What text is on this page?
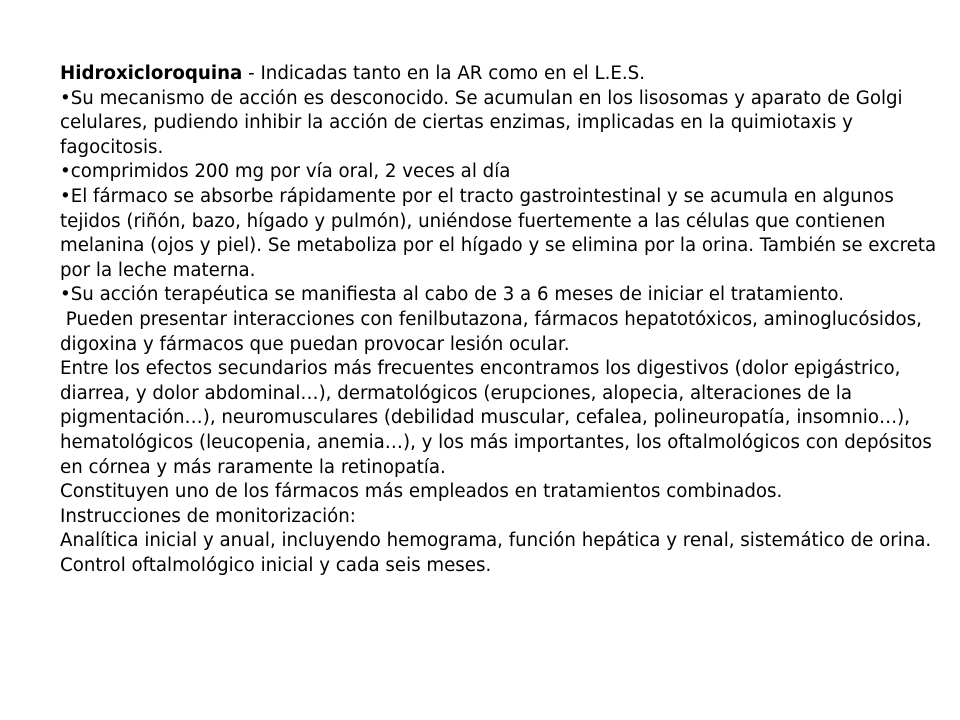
Hidroxicloroquina - Indicadas tanto en la AR como en el L.E.S.

•Su mecanismo de acción es desconocido. Se acumulan en los lisosomas y aparato de Golgi celulares, pudiendo inhibir la acción de ciertas enzimas, implicadas en la quimiotaxis y fagocitosis.

•comprimidos 200 mg por vía oral, 2 veces al día

•El fármaco se absorbe rápidamente por el tracto gastrointestinal y se acumula en algunos tejidos (riñón, bazo, hígado y pulmón), uniéndose fuertemente a las células que contienen melanina (ojos y piel). Se metaboliza por el hígado y se elimina por la orina. También se excreta por la leche materna.

•Su acción terapéutica se manifiesta al cabo de 3 a 6 meses de iniciar el tratamiento.

Pueden presentar interacciones con fenilbutazona, fármacos hepatotóxicos, aminoglucósidos, digoxina y fármacos que puedan provocar lesión ocular.

Entre los efectos secundarios más frecuentes encontramos los digestivos (dolor epigástrico, diarrea, y dolor abdominal…), dermatológicos (erupciones, alopecia, alteraciones de la pigmentación…), neuromusculares (debilidad muscular, cefalea, polineuropatía, insomnio…), hematológicos (leucopenia, anemia…), y los más importantes, los oftalmológicos con depósitos en córnea y más raramente la retinopatía.

Constituyen uno de los fármacos más empleados en tratamientos combinados.

Instrucciones de monitorización:

Analítica inicial y anual, incluyendo hemograma, función hepática y renal, sistemático de orina.

Control oftalmológico inicial y cada seis meses.
